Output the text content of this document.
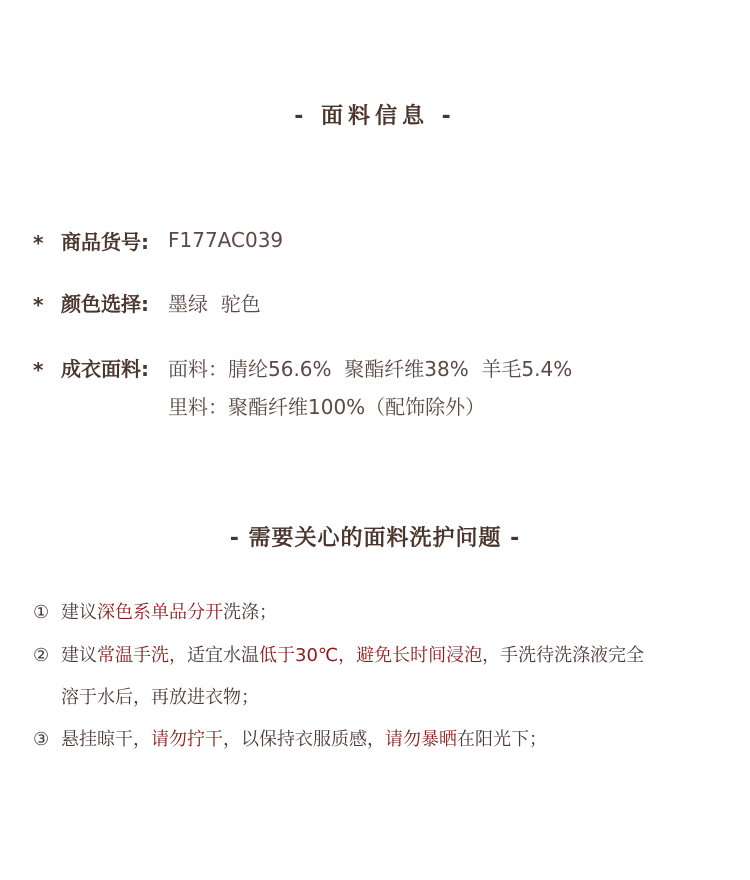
- 面料信息 -
* 商品货号: F177AC039
* 颜色选择: 墨绿  驼色
* 成衣面料: 面料：腈纶56.6%  聚酯纤维38%  羊毛5.4%
里料：聚酯纤维100%（配饰除外）
- 需要关心的面料洗护问题 -
① 建议深色系单品分开洗涤；
② 建议常温手洗，适宜水温低于30℃，避免长时间浸泡，手洗待洗涤液完全
溶于水后，再放进衣物；
③ 悬挂晾干，请勿拧干，以保持衣服质感，请勿暴晒在阳光下；
